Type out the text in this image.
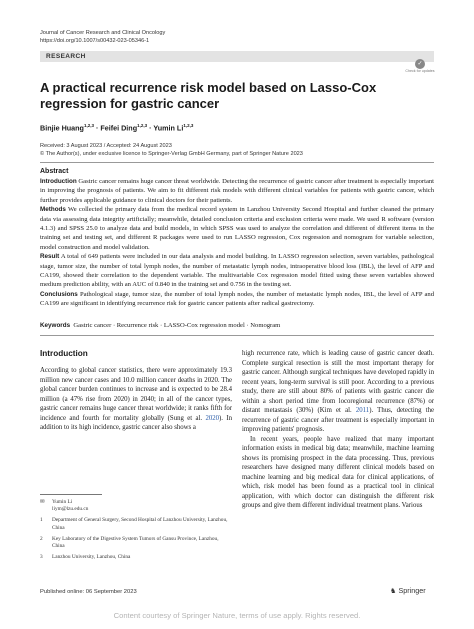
Journal of Cancer Research and Clinical Oncology
https://doi.org/10.1007/s00432-023-05346-1
RESEARCH
✓
Check for updates
A practical recurrence risk model based on Lasso-Cox regression for gastric cancer
Binjie Huang$^{1,2,3}$ · Feifei Ding$^{1,2,3}$ · Yumin Li$^{1,2,3}$
Received: 3 August 2023 / Accepted: 24 August 2023
© The Author(s), under exclusive licence to Springer-Verlag GmbH Germany, part of Springer Nature 2023
Abstract

Introduction Gastric cancer remains huge cancer threat worldwide. Detecting the recurrence of gastric cancer after treatment is especially important in improving the prognosis of patients. We aim to fit different risk models with different clinical variables for patients with gastric cancer, which further provides applicable guidance to clinical doctors for their patients.

Methods We collected the primary data from the medical record system in Lanzhou University Second Hospital and further cleaned the primary data via assessing data integrity artificially; meanwhile, detailed conclusion criteria and exclusion criteria were made. We used R software (version 4.1.3) and SPSS 25.0 to analyze data and build models, in which SPSS was used to analyze the correlation and different of different items in the training set and testing set, and different R packages were used to run LASSO regression, Cox regression and nomogram for variable selection, model construction and model validation.

Result A total of 649 patients were included in our data analysis and model building. In LASSO regression selection, seven variables, pathological stage, tumor size, the number of total lymph nodes, the number of metastatic lymph nodes, intraoperative blood loss (IBL), the level of AFP and CA199, showed their correlation to the dependent variable. The multivariable Cox regression model fitted using these seven variables showed medium prediction ability, with an AUC of 0.840 in the training set and 0.756 in the testing set.

Conclusions Pathological stage, tumor size, the number of total lymph nodes, the number of metastatic lymph nodes, IBL, the level of AFP and CA199 are significant in identifying recurrence risk for gastric cancer patients after radical gastrectomy.

Keywords Gastric cancer · Recurrence risk · LASSO-Cox regression model · Nomogram
Introduction
According to global cancer statistics, there were approximately 19.3 million new cancer cases and 10.0 million cancer deaths in 2020. The global cancer burden continues to increase and is expected to be 28.4 million (a 47% rise from 2020) in 2040; in all of the cancer types, gastric cancer remains huge cancer threat worldwide; it ranks fifth for incidence and fourth for mortality globally (Sung et al. 2020). In addition to its high incidence, gastric cancer also shows a

high recurrence rate, which is leading cause of gastric cancer death. Complete surgical resection is still the most important therapy for gastric cancer. Although surgical techniques have developed rapidly in recent years, long-term survival is still poor. According to a previous study, there are still about 80% of patients with gastric cancer die within a short period time from locoregional recurrence (87%) or distant metastasis (30%) (Kim et al. 2011). Thus, detecting the recurrence of gastric cancer after treatment is especially important in improving patients' prognosis.

In recent years, people have realized that many important information exists in medical big data; meanwhile, machine learning shows its promising prospect in the data processing. Thus, previous researchers have designed many different clinical models based on machine learning and big medical data for clinical applications, of which, risk model has been found as a practical tool in clinical application, with which doctor can distinguish the different risk groups and give them different individual treatment plans. Various

✉ Yumin Li
liym@lzu.edu.cn
1 Department of General Surgery, Second Hospital of Lanzhou University, Lanzhou, China
2 Key Laboratory of the Digestive System Tumors of Gansu Province, Lanzhou, China
3 Lanzhou University, Lanzhou, China
Published online: 06 September 2023	♞ Springer
Content courtesy of Springer Nature, terms of use apply. Rights reserved.
